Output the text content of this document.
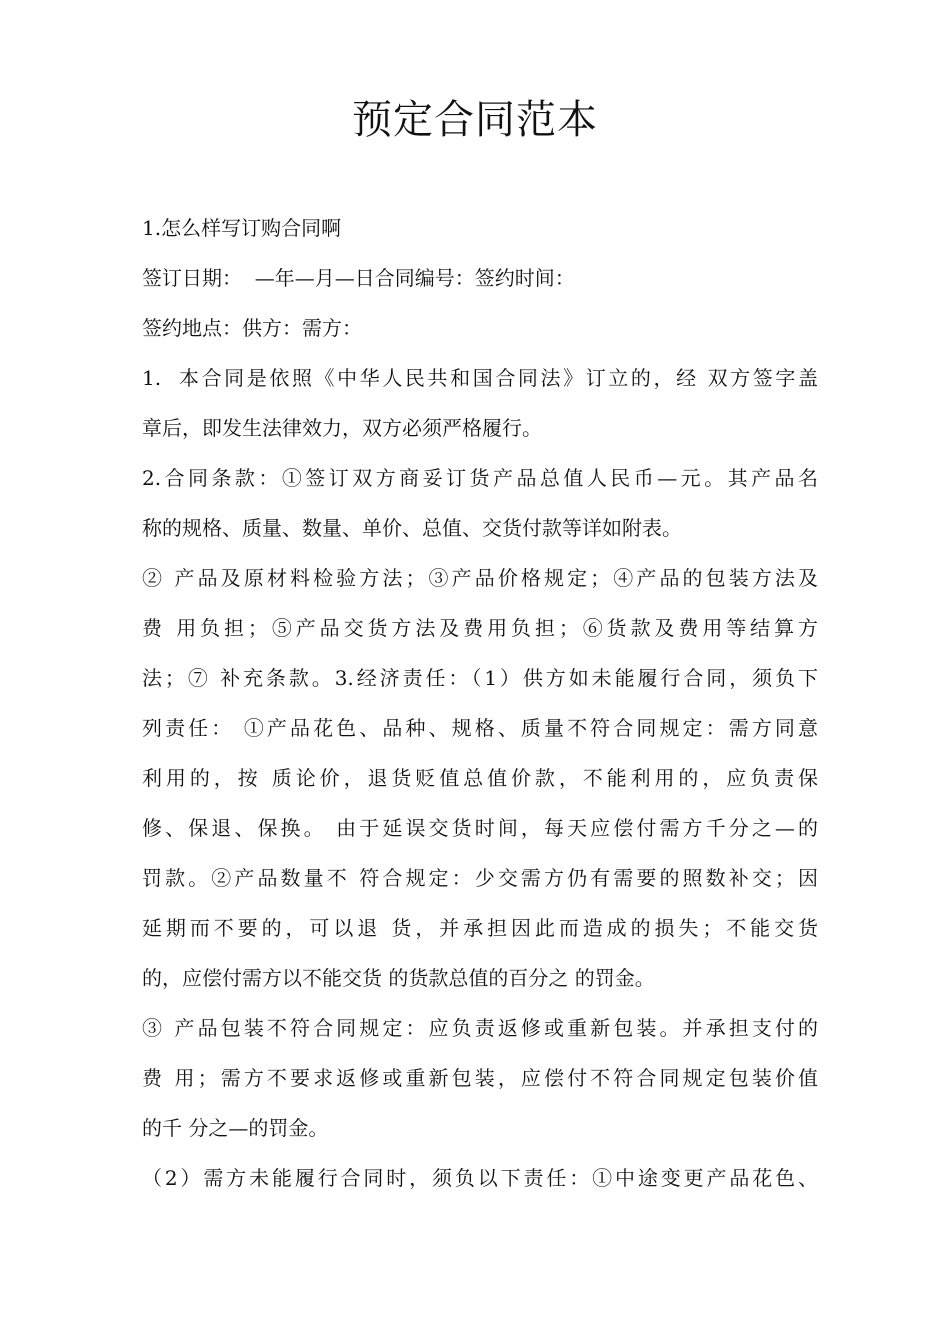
预定合同范本
1.怎么样写订购合同啊
签订日期：  —年—月—日合同编号：签约时间：
签约地点：供方：需方：
1.  本合同是依照《中华人民共和国合同法》订立的，经 双方签字盖
章后，即发生法律效力，双方必须严格履行。
2.合同条款：①签订双方商妥订货产品总值人民币—元。其产品名
称的规格、质量、数量、单价、总值、交货付款等详如附表。
② 产品及原材料检验方法；③产品价格规定；④产品的包装方法及
费 用负担；⑤产品交货方法及费用负担；⑥货款及费用等结算方
法；⑦ 补充条款。3.经济责任：（1）供方如未能履行合同，须负下
列责任： ①产品花色、品种、规格、质量不符合同规定：需方同意
利用的，按 质论价，退货贬值总值价款，不能利用的，应负责保
修、保退、保换。 由于延误交货时间，每天应偿付需方千分之—的
罚款。②产品数量不 符合规定：少交需方仍有需要的照数补交；因
延期而不要的，可以退 货，并承担因此而造成的损失；不能交货
的，应偿付需方以不能交货 的货款总值的百分之 的罚金。
③ 产品包装不符合同规定：应负责返修或重新包装。并承担支付的
费 用；需方不要求返修或重新包装，应偿付不符合同规定包装价值
的千 分之—的罚金。
（2）需方未能履行合同时，须负以下责任：①中途变更产品花色、
